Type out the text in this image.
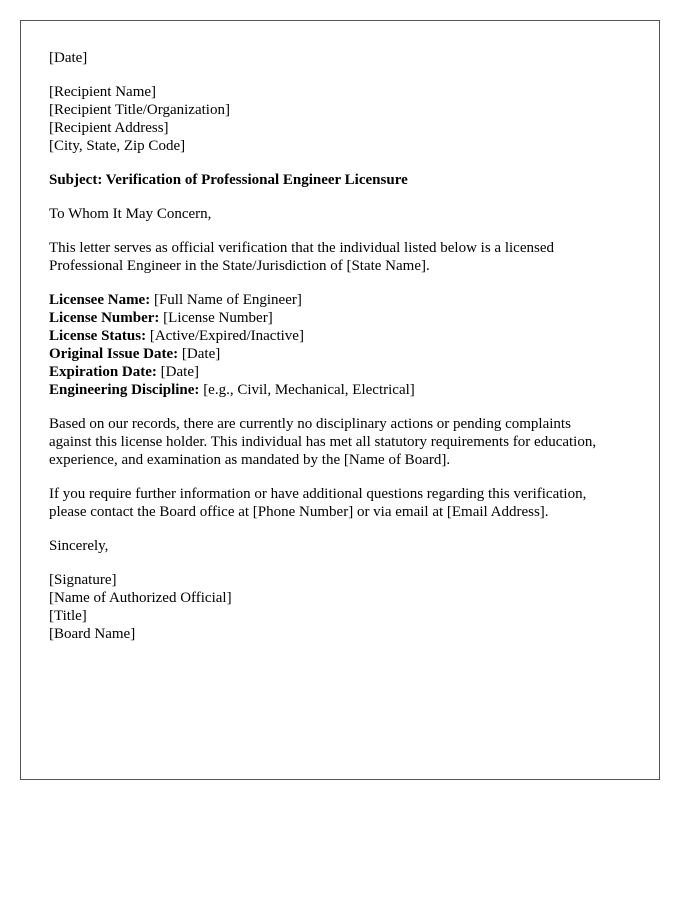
[Date]
[Recipient Name]
[Recipient Title/Organization]
[Recipient Address]
[City, State, Zip Code]
Subject: Verification of Professional Engineer Licensure
To Whom It May Concern,
This letter serves as official verification that the individual listed below is a licensed
Professional Engineer in the State/Jurisdiction of [State Name].
Licensee Name: [Full Name of Engineer]
License Number: [License Number]
License Status: [Active/Expired/Inactive]
Original Issue Date: [Date]
Expiration Date: [Date]
Engineering Discipline: [e.g., Civil, Mechanical, Electrical]
Based on our records, there are currently no disciplinary actions or pending complaints
against this license holder. This individual has met all statutory requirements for education,
experience, and examination as mandated by the [Name of Board].
If you require further information or have additional questions regarding this verification,
please contact the Board office at [Phone Number] or via email at [Email Address].
Sincerely,
[Signature]
[Name of Authorized Official]
[Title]
[Board Name]
